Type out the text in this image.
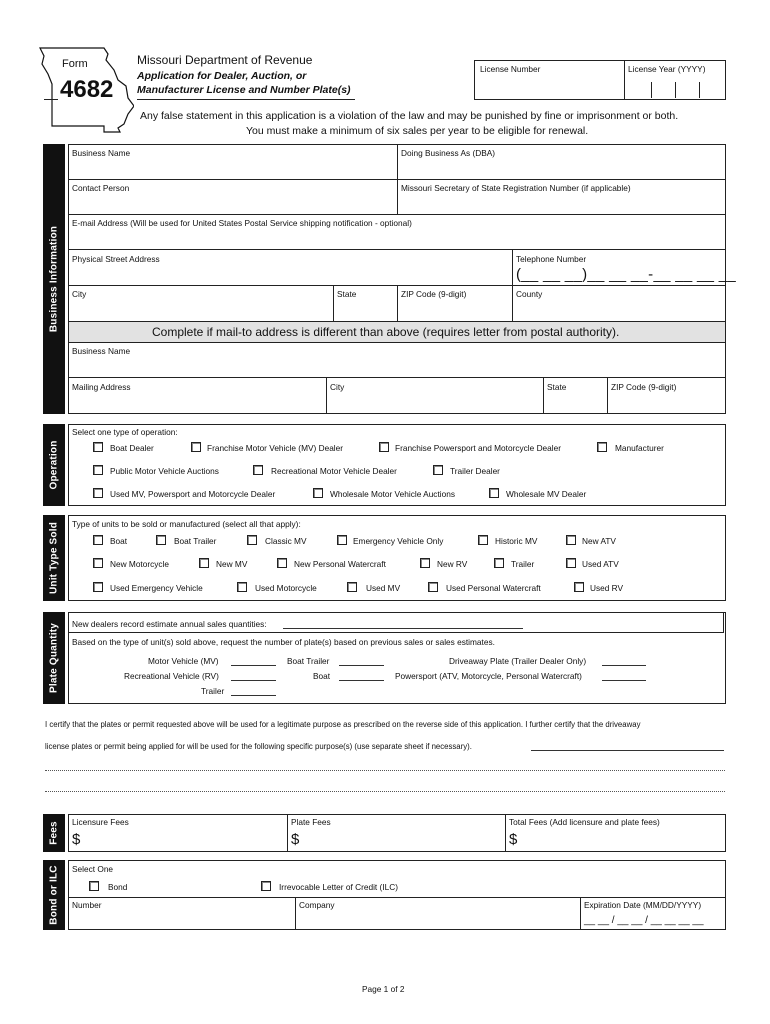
Form
4682
Missouri Department of Revenue
Application for Dealer, Auction, or
Manufacturer License and Number Plate(s)
License Number	License Year (YYYY)
Any false statement in this application is a violation of the law and may be punished by fine or imprisonment or both.
You must make a minimum of six sales per year to be eligible for renewal.
Business Information
Business Name	Doing Business As (DBA)
Contact Person	Missouri Secretary of State Registration Number (if applicable)
E-mail Address (Will be used for United States Postal Service shipping notification - optional)
Physical Street Address	Telephone Number
(__ __ __)__ __ __-__ __ __ __
City	State	ZIP Code (9-digit)	County
Complete if mail-to address is different than above (requires letter from postal authority).
Business Name
Mailing Address	City	State	ZIP Code (9-digit)
Operation
Select one type of operation:
Boat Dealer	Franchise Motor Vehicle (MV) Dealer	Franchise Powersport and Motorcycle Dealer	Manufacturer
Public Motor Vehicle Auctions	Recreational Motor Vehicle Dealer	Trailer Dealer
Used MV, Powersport and Motorcycle Dealer	Wholesale Motor Vehicle Auctions	Wholesale MV Dealer
Unit Type Sold Type of units to be sold or manufactured (select all that apply):
Boat	Boat Trailer	Classic MV	Emergency Vehicle Only	Historic MV	New ATV
New Motorcycle	New MV	New Personal Watercraft	New RV	Trailer	Used ATV
Used Emergency Vehicle	Used Motorcycle	Used MV	Used Personal Watercraft	Used RV
Plate Quantity New dealers record estimate annual sales quantities:
Based on the type of unit(s) sold above, request the number of plate(s) based on previous sales or sales estimates.
Motor Vehicle (MV)	Boat Trailer	Driveaway Plate (Trailer Dealer Only)
Recreational Vehicle (RV)	Boat	Powersport (ATV, Motorcycle, Personal Watercraft)
Trailer
I certify that the plates or permit requested above will be used for a legitimate purpose as prescribed on the reverse side of this application. I further certify that the driveaway
license plates or permit being applied for will be used for the following specific purpose(s) (use separate sheet if necessary).
Fees Licensure Fees
$
Plate Fees
$
Total Fees (Add licensure and plate fees)
$
Bond or ILC Select One
Bond	Irrevocable Letter of Credit (ILC)
Number	Company	Expiration Date (MM/DD/YYYY)
__ __ / __ __ / __ __ __ __
Page 1 of 2
